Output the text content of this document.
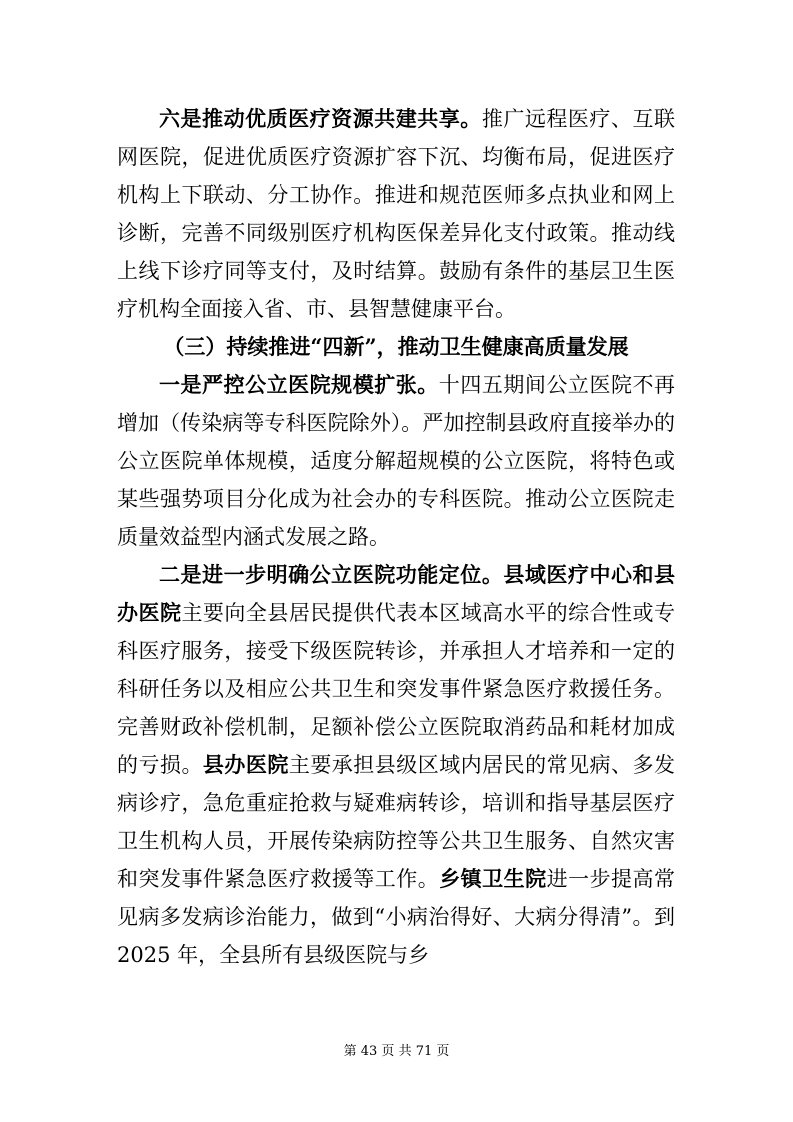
六是推动优质医疗资源共建共享。推广远程医疗、互联网医院，促进优质医疗资源扩容下沉、均衡布局，促进医疗机构上下联动、分工协作。推进和规范医师多点执业和网上诊断，完善不同级别医疗机构医保差异化支付政策。推动线上线下诊疗同等支付，及时结算。鼓励有条件的基层卫生医疗机构全面接入省、市、县智慧健康平台。

（三）持续推进“四新”，推动卫生健康高质量发展

一是严控公立医院规模扩张。十四五期间公立医院不再增加（传染病等专科医院除外）。严加控制县政府直接举办的公立医院单体规模，适度分解超规模的公立医院，将特色或某些强势项目分化成为社会办的专科医院。推动公立医院走质量效益型内涵式发展之路。

二是进一步明确公立医院功能定位。县域医疗中心和县办医院主要向全县居民提供代表本区域高水平的综合性或专科医疗服务，接受下级医院转诊，并承担人才培养和一定的科研任务以及相应公共卫生和突发事件紧急医疗救援任务。完善财政补偿机制，足额补偿公立医院取消药品和耗材加成的亏损。县办医院主要承担县级区域内居民的常见病、多发病诊疗，急危重症抢救与疑难病转诊，培训和指导基层医疗卫生机构人员，开展传染病防控等公共卫生服务、自然灾害和突发事件紧急医疗救援等工作。乡镇卫生院进一步提高常见病多发病诊治能力，做到“小病治得好、大病分得清”。到 2025 年，全县所有县级医院与乡

第 43 页 共 71 页
